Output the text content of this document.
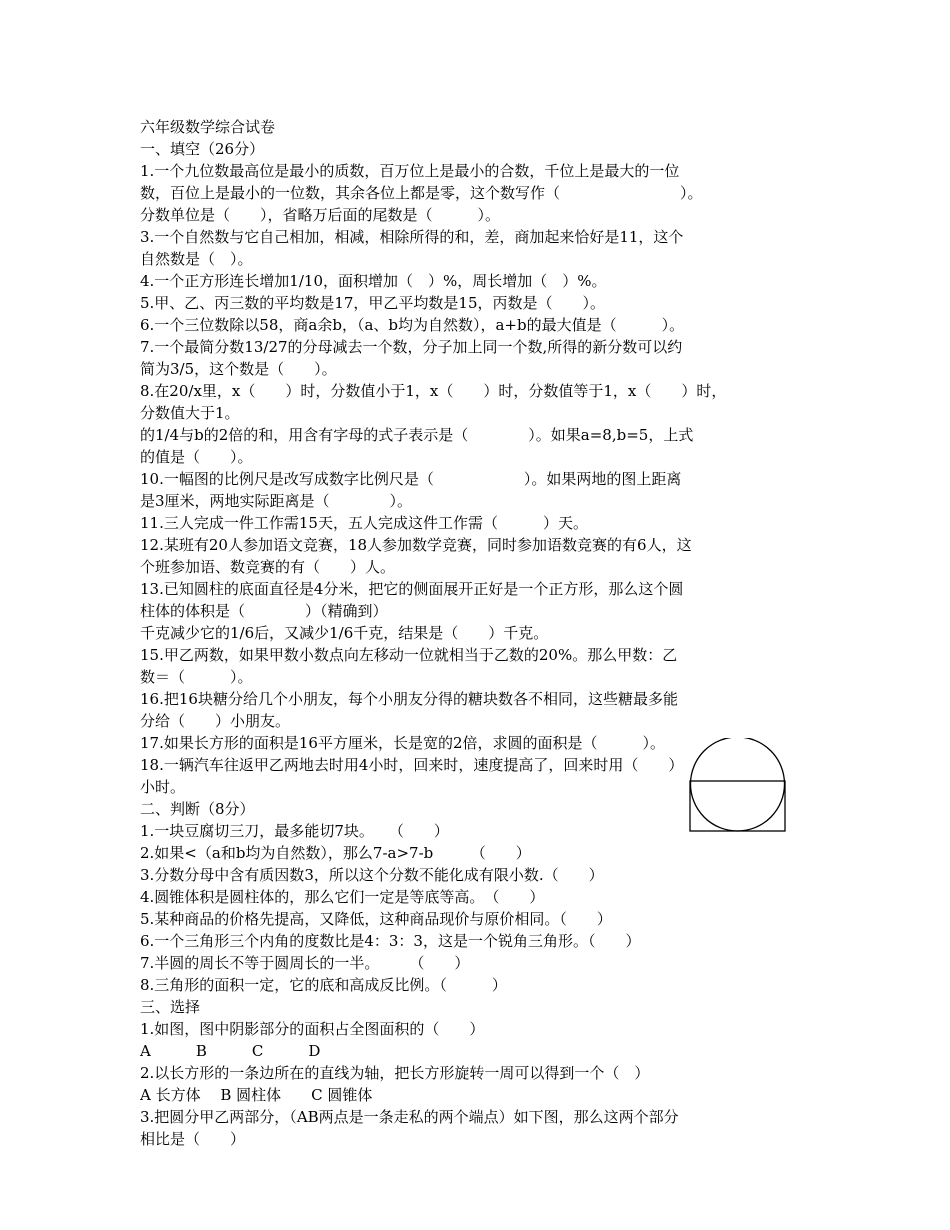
六年级数学综合试卷
一、填空（26分）
1.一个九位数最高位是最小的质数，百万位上是最小的合数，千位上是最大的一位
数，百位上是最小的一位数，其余各位上都是零，这个数写作（　　　　　　　　）。
分数单位是（　　），省略万后面的尾数是（　　　）。
3.一个自然数与它自己相加，相减，相除所得的和，差，商加起来恰好是11，这个
自然数是（　）。
4.一个正方形连长增加1/10，面积增加（　）%，周长增加（　）%。
5.甲、乙、丙三数的平均数是17，甲乙平均数是15，丙数是（　　）。
6.一个三位数除以58，商a余b，（a、b均为自然数），a+b的最大值是（　　　）。
7.一个最简分数13/27的分母减去一个数，分子加上同一个数,所得的新分数可以约
简为3/5，这个数是（　　）。
8.在20/x里，x（　　）时，分数值小于1，x（　　）时，分数值等于1，x（　　）时，
分数值大于1。
的1/4与b的2倍的和，用含有字母的式子表示是（　　　　）。如果a=8,b=5，上式
的值是（　　）。
10.一幅图的比例尺是改写成数字比例尺是（　　　　　　）。如果两地的图上距离
是3厘米，两地实际距离是（　　　　）。
11.三人完成一件工作需15天，五人完成这件工作需（　　　）天。
12.某班有20人参加语文竞赛，18人参加数学竞赛，同时参加语数竞赛的有6人，这
个班参加语、数竞赛的有（　　）人。
13.已知圆柱的底面直径是4分米，把它的侧面展开正好是一个正方形，那么这个圆
柱体的体积是（　　　　）（精确到）
千克减少它的1/6后，又减少1/6千克，结果是（　　）千克。
15.甲乙两数，如果甲数小数点向左移动一位就相当于乙数的20%。那么甲数：乙
数＝（　　　）。
16.把16块糖分给几个小朋友，每个小朋友分得的糖块数各不相同，这些糖最多能
分给（　　）小朋友。
17.如果长方形的面积是16平方厘米，长是宽的2倍，求圆的面积是（　　　）。
18.一辆汽车往返甲乙两地去时用4小时，回来时，速度提高了，回来时用（　　）
小时。
二、判断（8分）
1.一块豆腐切三刀，最多能切7块。　　（　　）
2.如果<（a和b均为自然数），那么7-a>7-b　　　（　　）
3.分数分母中含有质因数3，所以这个分数不能化成有限小数.（　　）
4.圆锥体积是圆柱体的，那么它们一定是等底等高。　（　　）
5.某种商品的价格先提高，又降低，这种商品现价与原价相同。（　　）
6.一个三角形三个内角的度数比是4：3：3，这是一个锐角三角形。（　　）
7.半圆的周长不等于圆周长的一半。　　　（　　）
8.三角形的面积一定，它的底和高成反比例。（　　　）
三、选择
1.如图，图中阴影部分的面积占全图面积的（　　）
A　　　B　　　C　　　D
2.以长方形的一条边所在的直线为轴，把长方形旋转一周可以得到一个（　）
A 长方体　 B 圆柱体　　C 圆锥体
3.把圆分甲乙两部分，（AB两点是一条走私的两个端点）如下图，那么这两个部分
相比是（　　）
